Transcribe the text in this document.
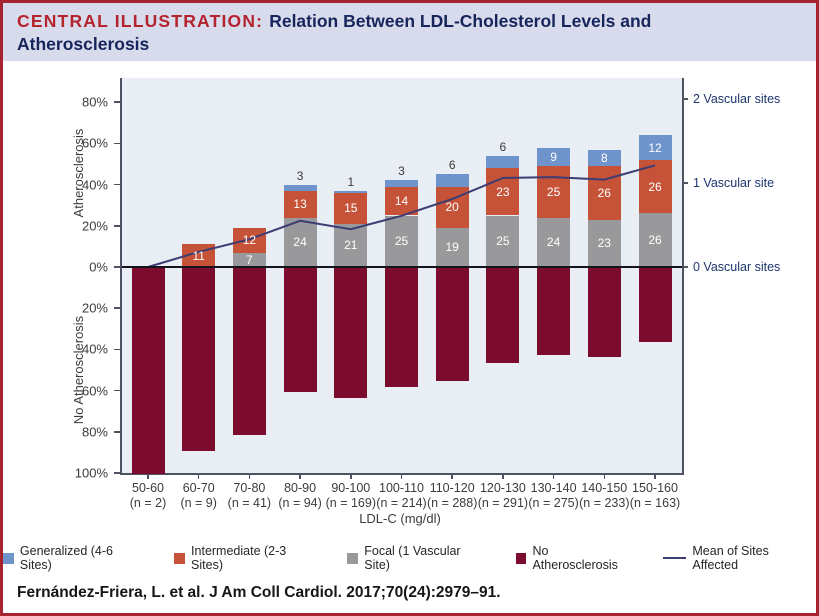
CENTRAL ILLUSTRATION: Relation Between LDL-Cholesterol Levels and
Atherosclerosis
Atherosclerosis
No Atherosclerosis
0%
20%
40%
60%
80%
20%
40%
60%
80%
100%
11	7
12	24
13
3
21
15
1
25
14
3
19
20
6
25
23
6
24
25
9
23
26
8
26
26
12
2 Vascular sites
1 Vascular site
0 Vascular sites
50-60
(n = 2)
60-70
(n = 9)
70-80
(n = 41)
80-90
(n = 94)
90-100
(n = 169)
100-110
(n = 214)
110-120
(n = 288)
120-130
(n = 291)
130-140
(n = 275)
140-150
(n = 233)
150-160
(n = 163)
LDL-C (mg/dl)
Generalized (4-6 Sites)
Intermediate (2-3 Sites)
Focal (1 Vascular Site)
No Atherosclerosis
Mean of Sites Affected
Fernández-Friera, L. et al. J Am Coll Cardiol. 2017;70(24):2979–91.
